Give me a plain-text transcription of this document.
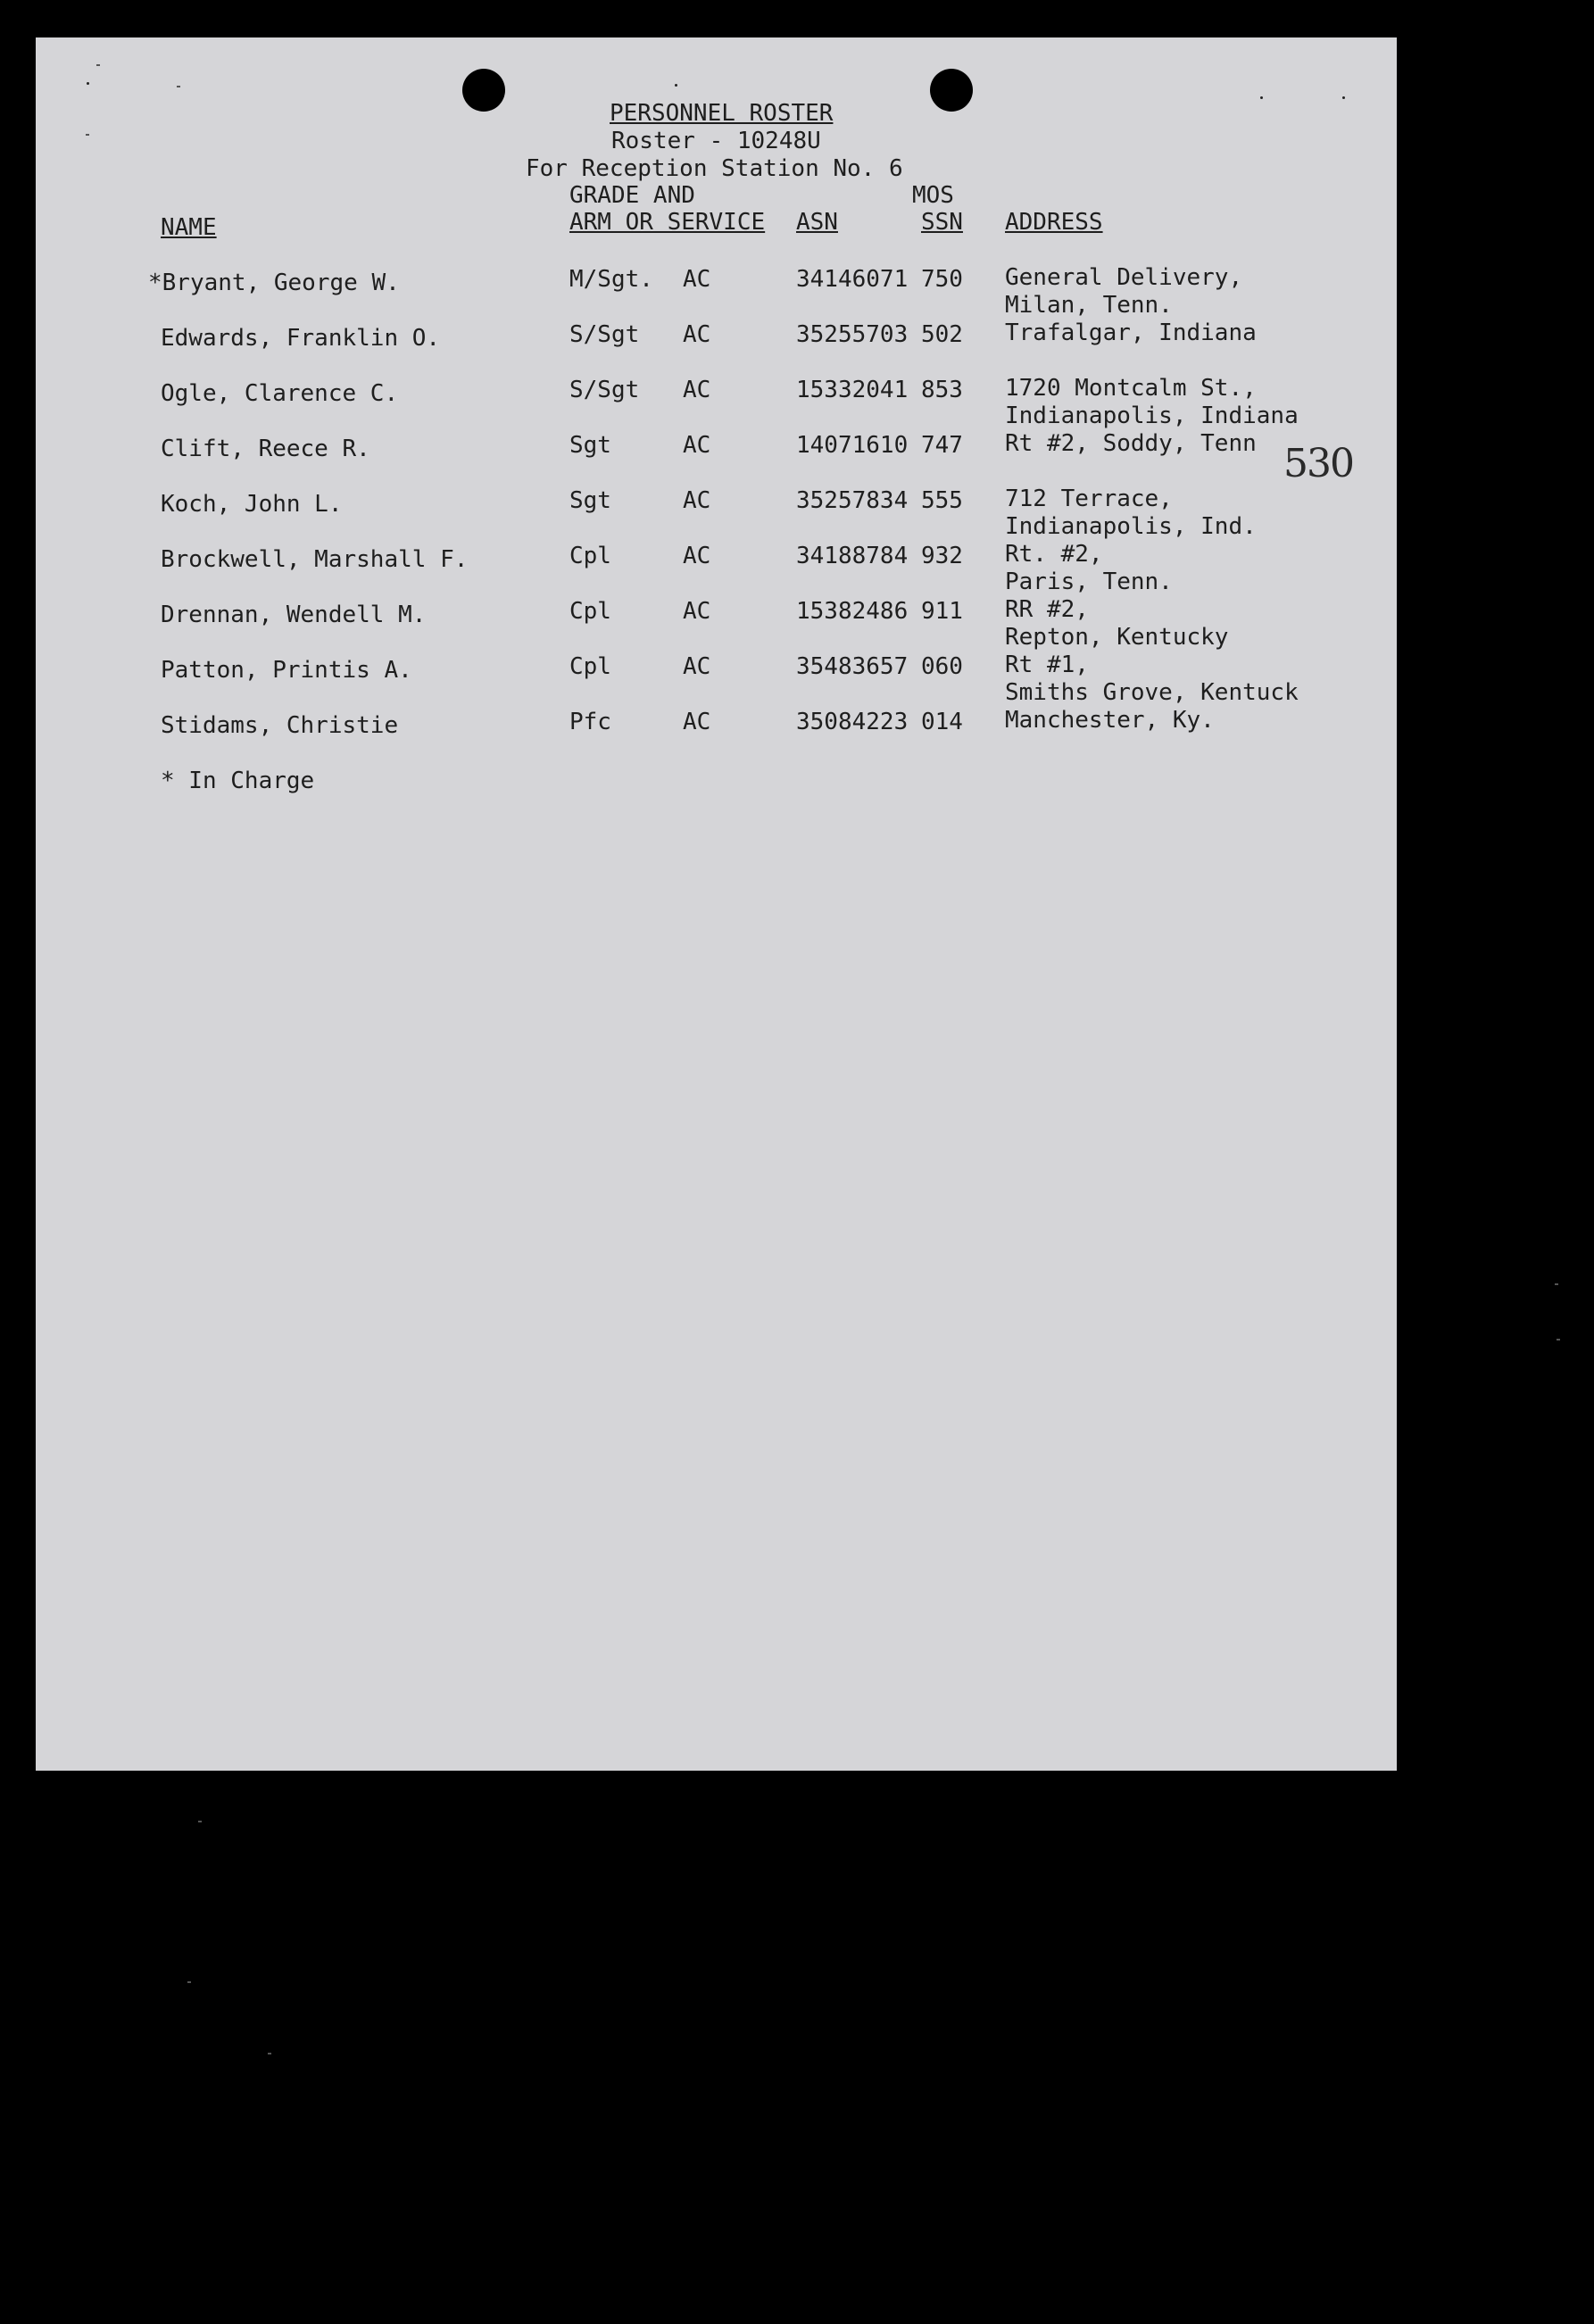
PERSONNEL ROSTER
Roster - 10248U
For Reception Station No. 6
GRADE AND	MOS
NAME	ARM OR SERVICE ASN	SSN ADDRESS
*Bryant, George W.	M/Sgt. AC	34146071 750 General Delivery,
Milan, Tenn.
Edwards, Franklin O.	S/Sgt AC	35255703 502 Trafalgar, Indiana
Ogle, Clarence C.	S/Sgt AC	15332041 853 1720 Montcalm St.,
Indianapolis, Indiana
Clift, Reece R.	Sgt	AC	14071610 747 Rt #2, Soddy, Tenn
Koch, John L.	Sgt	AC	35257834 555 712 Terrace,
Indianapolis, Ind.
Brockwell, Marshall F.	Cpl	AC	34188784 932 Rt. #2,
Paris, Tenn.
Drennan, Wendell M.	Cpl	AC	15382486 911 RR #2,
Repton, Kentucky
Patton, Printis A.	Cpl	AC	35483657 060 Rt #1,
Smiths Grove, Kentuck
Stidams, Christie	Pfc	AC	35084223 014 Manchester, Ky.
* In Charge
530
